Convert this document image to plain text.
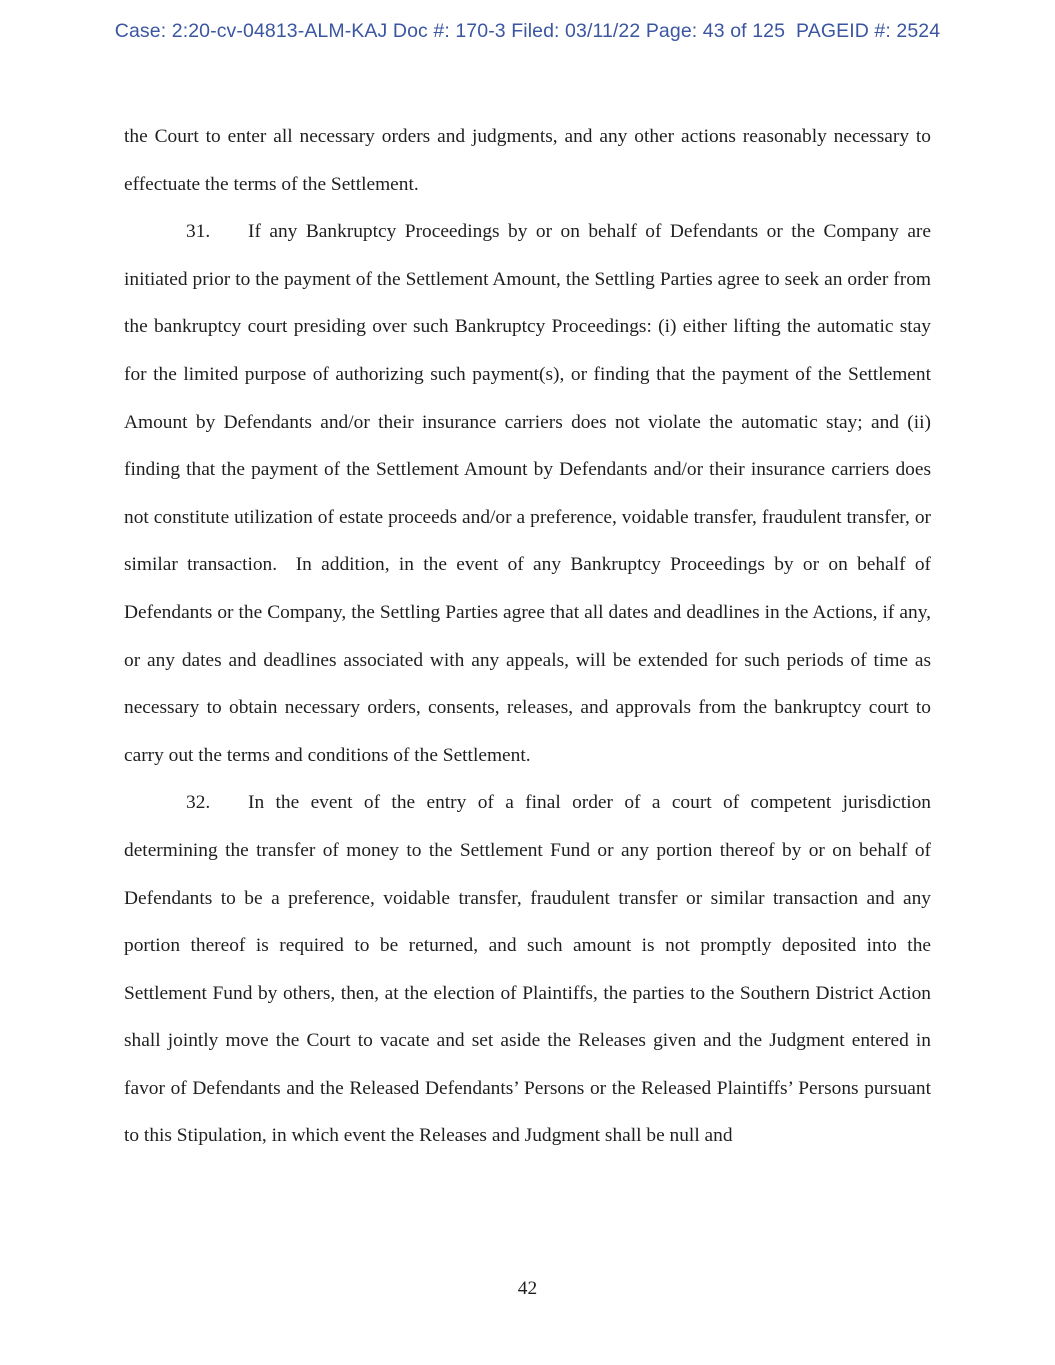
Case: 2:20-cv-04813-ALM-KAJ Doc #: 170-3 Filed: 03/11/22 Page: 43 of 125  PAGEID #: 2524

the Court to enter all necessary orders and judgments, and any other actions reasonably necessary to effectuate the terms of the Settlement.

31. If any Bankruptcy Proceedings by or on behalf of Defendants or the Company are initiated prior to the payment of the Settlement Amount, the Settling Parties agree to seek an order from the bankruptcy court presiding over such Bankruptcy Proceedings: (i) either lifting the automatic stay for the limited purpose of authorizing such payment(s), or finding that the payment of the Settlement Amount by Defendants and/or their insurance carriers does not violate the automatic stay; and (ii) finding that the payment of the Settlement Amount by Defendants and/or their insurance carriers does not constitute utilization of estate proceeds and/or a preference, voidable transfer, fraudulent transfer, or similar transaction.  In addition, in the event of any Bankruptcy Proceedings by or on behalf of Defendants or the Company, the Settling Parties agree that all dates and deadlines in the Actions, if any, or any dates and deadlines associated with any appeals, will be extended for such periods of time as necessary to obtain necessary orders, consents, releases, and approvals from the bankruptcy court to carry out the terms and conditions of the Settlement.

32. In the event of the entry of a final order of a court of competent jurisdiction determining the transfer of money to the Settlement Fund or any portion thereof by or on behalf of Defendants to be a preference, voidable transfer, fraudulent transfer or similar transaction and any portion thereof is required to be returned, and such amount is not promptly deposited into the Settlement Fund by others, then, at the election of Plaintiffs, the parties to the Southern District Action shall jointly move the Court to vacate and set aside the Releases given and the Judgment entered in favor of Defendants and the Released Defendants’ Persons or the Released Plaintiffs’ Persons pursuant to this Stipulation, in which event the Releases and Judgment shall be null and

42
